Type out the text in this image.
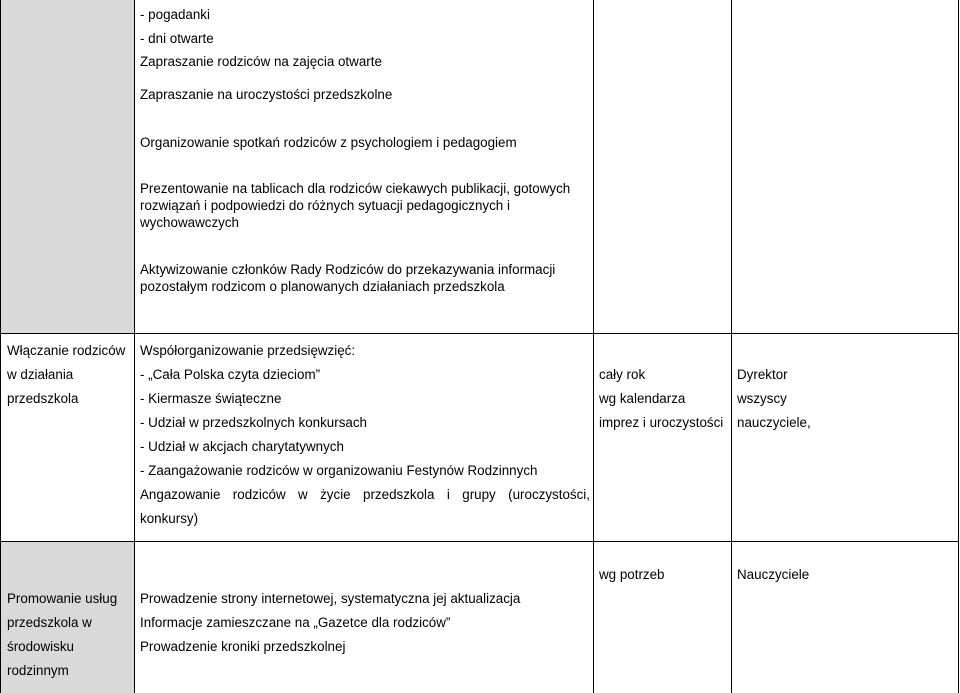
- pogadanki
- dni otwarte
Zapraszanie rodziców na zajęcia otwarte
Zapraszanie na uroczystości przedszkolne
Organizowanie spotkań rodziców z psychologiem i pedagogiem
Prezentowanie na tablicach dla rodziców ciekawych publikacji, gotowych
rozwiązań i podpowiedzi do różnych sytuacji pedagogicznych i
wychowawczych
Aktywizowanie członków Rady Rodziców do przekazywania informacji
pozostałym rodzicom o planowanych działaniach przedszkola
Włączanie rodziców
w działania
przedszkola
Współorganizowanie przedsięwzięć:
- „Cała Polska czyta dzieciom”
- Kiermasze świąteczne
- Udział w przedszkolnych konkursach
- Udział w akcjach charytatywnych
- Zaangażowanie rodziców w organizowaniu Festynów Rodzinnych
Angazowanie rodziców w życie przedszkola i grupy (uroczystości,
konkursy)
cały rok
wg kalendarza
imprez i uroczystości
Dyrektor
wszyscy
nauczyciele,
wg potrzeb	Nauczyciele
Promowanie usług
przedszkola w
środowisku
rodzinnym
Prowadzenie strony internetowej, systematyczna jej aktualizacja
Informacje zamieszczane na „Gazetce dla rodziców”
Prowadzenie kroniki przedszkolnej
